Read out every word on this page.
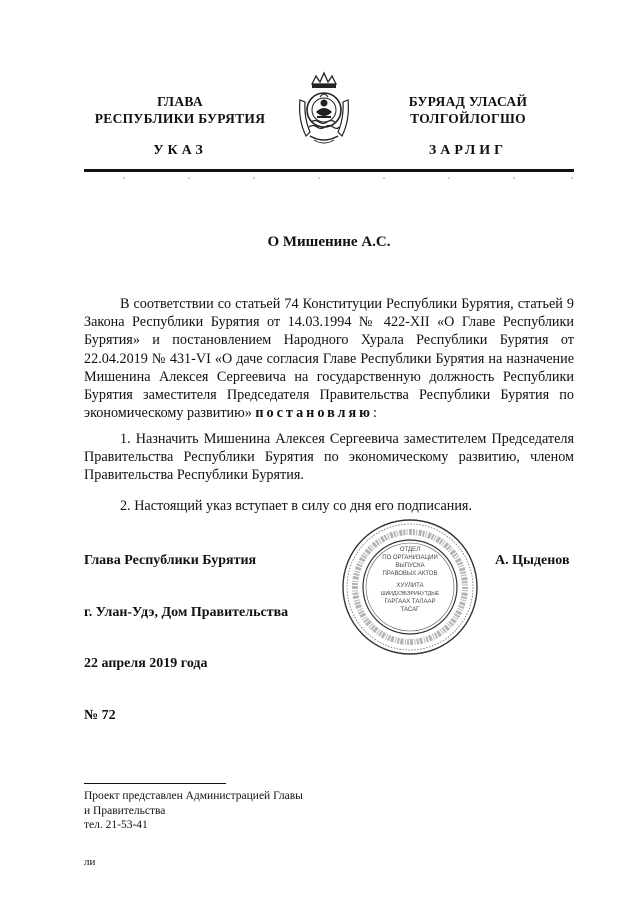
ГЛАВА
РЕСПУБЛИКИ БУРЯТИЯ
БУРЯАД УЛАСАЙ
ТОЛГОЙЛОГШО
УКАЗ	ЗАРЛИГ
О Мишенине А.С.
В соответствии со статьей 74 Конституции Республики Бурятия, статьей 9 Закона Республики Бурятия от 14.03.1994 № 422-XII «О Главе Республики Бурятия» и постановлением Народного Хурала Республики Бурятия от 22.04.2019 № 431-VI «О даче согласия Главе Республики Бурятия на назначение Мишенина Алексея Сергеевича на государственную должность Республики Бурятия заместителя Председателя Правительства Республики Бурятия по экономическому развитию» постановляю:
1. Назначить Мишенина Алексея Сергеевича заместителем Председателя Правительства Республики Бурятия по экономическому развитию, членом Правительства Республики Бурятия.
2. Настоящий указ вступает в силу со дня его подписания.
Глава Республики Бурятия
ОТДЕЛ
ПО ОРГАНИЗАЦИИ
ВЫПУСКА
ПРАВОВЫХ АКТОВ
ХУУЛИТА
ШИИДХЭБЭРИНУТДЫЕ
ГАРГААХ ТАЛААР
ТАСАГ
А. Цыденов
г. Улан-Удэ, Дом Правительства
22 апреля 2019 года
№ 72
Проект представлен Администрацией Главы
и Правительства
тел. 21-53-41
ли
